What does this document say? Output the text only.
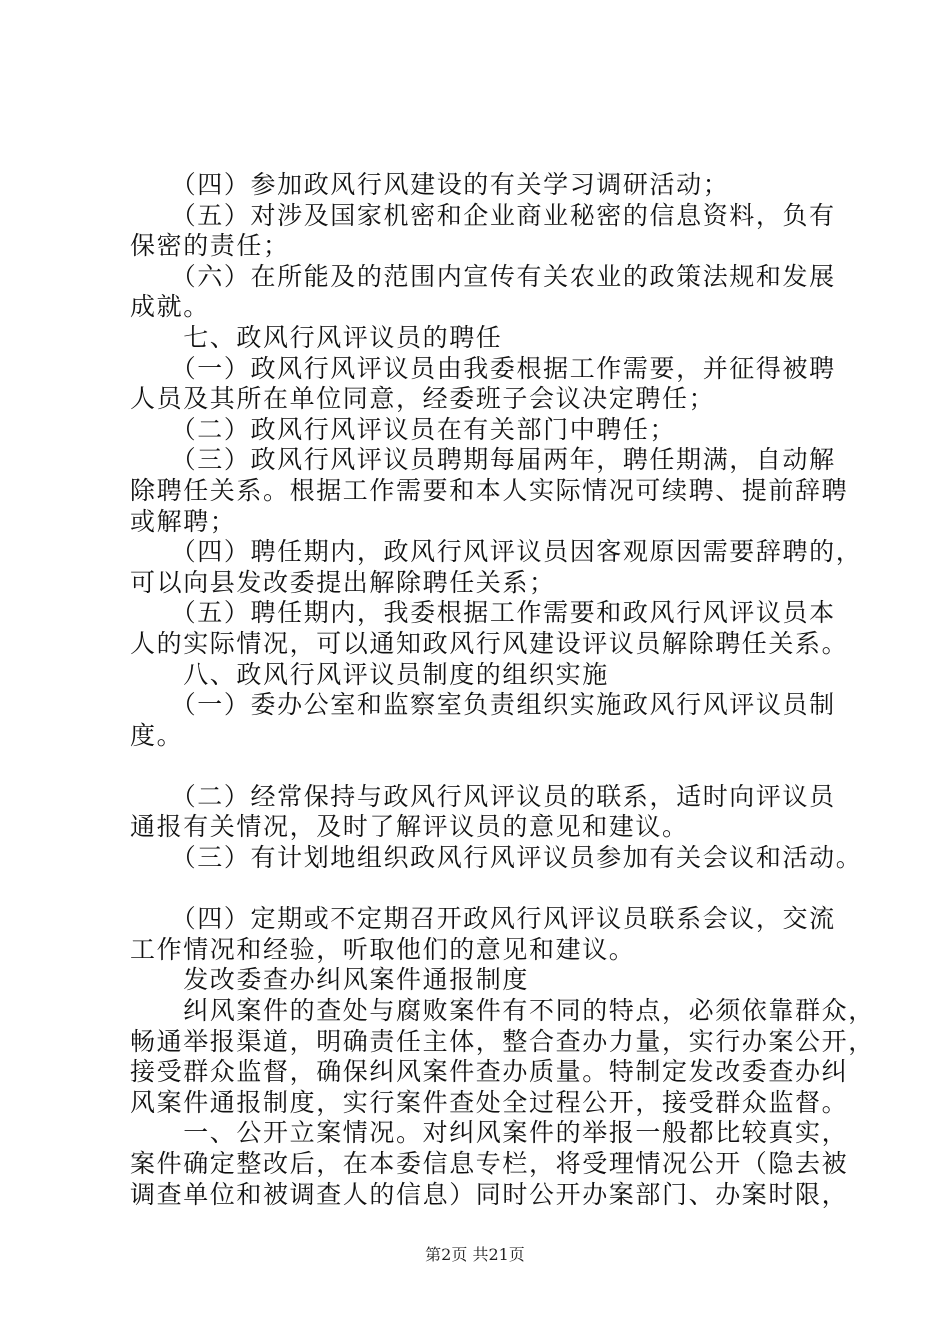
　　（四）参加政风行风建设的有关学习调研活动；

　　（五）对涉及国家机密和企业商业秘密的信息资料，负有

保密的责任；

　　（六）在所能及的范围内宣传有关农业的政策法规和发展

成就。

　　七、政风行风评议员的聘任

　　（一）政风行风评议员由我委根据工作需要，并征得被聘

人员及其所在单位同意，经委班子会议决定聘任；

　　（二）政风行风评议员在有关部门中聘任；

　　（三）政风行风评议员聘期每届两年，聘任期满，自动解

除聘任关系。根据工作需要和本人实际情况可续聘、提前辞聘

或解聘；

　　（四）聘任期内，政风行风评议员因客观原因需要辞聘的，

可以向县发改委提出解除聘任关系；

　　（五）聘任期内，我委根据工作需要和政风行风评议员本

人的实际情况，可以通知政风行风建设评议员解除聘任关系。

　　八、政风行风评议员制度的组织实施

　　（一）委办公室和监察室负责组织实施政风行风评议员制

度。

　　（二）经常保持与政风行风评议员的联系，适时向评议员

通报有关情况，及时了解评议员的意见和建议。

　　（三）有计划地组织政风行风评议员参加有关会议和活动。

　　（四）定期或不定期召开政风行风评议员联系会议，交流

工作情况和经验，听取他们的意见和建议。

　　发改委查办纠风案件通报制度

　　纠风案件的查处与腐败案件有不同的特点，必须依靠群众，

畅通举报渠道，明确责任主体，整合查办力量，实行办案公开，

接受群众监督，确保纠风案件查办质量。特制定发改委查办纠

风案件通报制度，实行案件查处全过程公开，接受群众监督。

　　一、公开立案情况。对纠风案件的举报一般都比较真实，

案件确定整改后，在本委信息专栏，将受理情况公开（隐去被

调查单位和被调查人的信息）同时公开办案部门、办案时限，

第2页 共21页
